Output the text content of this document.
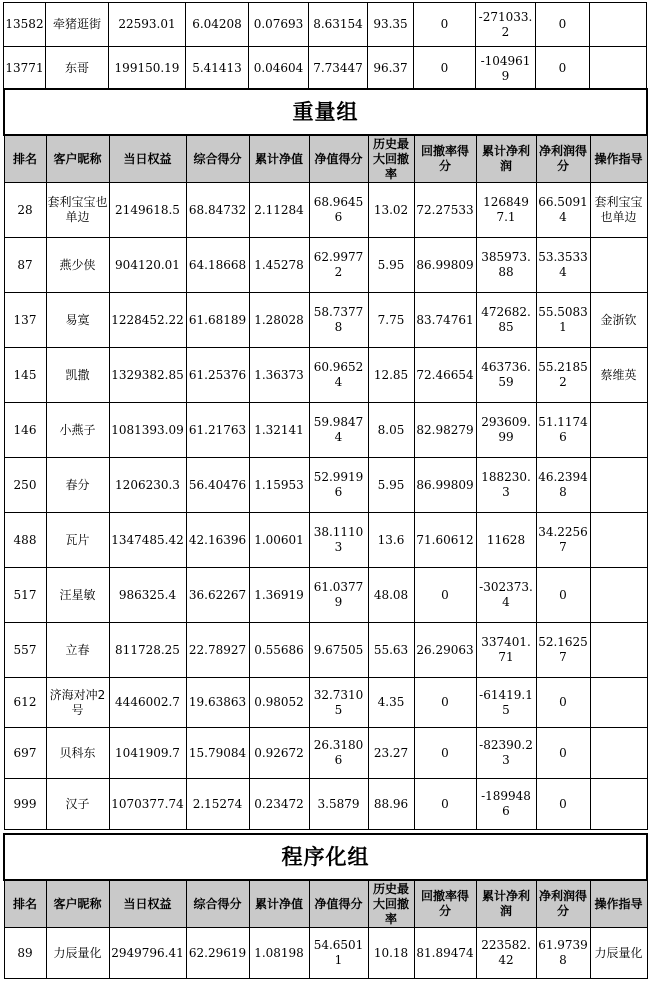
13582	牵猪逛街	22593.01	6.04208	0.07693	8.63154	93.35	0	-271033.2	0	
13771	东哥	199150.19	5.41413	0.04604	7.73447	96.37	0	-1049619	0	
重量组										
排名	客户昵称	当日权益	综合得分	累计净值	净值得分	历史最大回撤率	回撤率得分	累计净利润	净利润得分	操作指导
28	套利宝宝也单边	2149618.5	68.84732	2.11284	68.96456	13.02	72.27533	1268497.1	66.50914	套利宝宝也单边
87	燕少侠	904120.01	64.18668	1.45278	62.99772	5.95	86.99809	385973.88	53.35334	
137	易寞	1228452.22	61.68189	1.28028	58.73778	7.75	83.74761	472682.85	55.50831	金浙钦
145	凯撒	1329382.85	61.25376	1.36373	60.96524	12.85	72.46654	463736.59	55.21852	蔡维英
146	小燕子	1081393.09	61.21763	1.32141	59.98474	8.05	82.98279	293609.99	51.11746	
250	春分	1206230.3	56.40476	1.15953	52.99196	5.95	86.99809	188230.3	46.23948	
488	瓦片	1347485.42	42.16396	1.00601	38.11103	13.6	71.60612	11628	34.22567	
517	汪星敏	986325.4	36.62267	1.36919	61.03779	48.08	0	-302373.4	0	
557	立春	811728.25	22.78927	0.55686	9.67505	55.63	26.29063	337401.71	52.16257	
612	济海对冲2号	4446002.7	19.63863	0.98052	32.73105	4.35	0	-61419.15	0	
697	贝科东	1041909.7	15.79084	0.92672	26.31806	23.27	0	-82390.23	0	
999	汉子	1070377.74	2.15274	0.23472	3.5879	88.96	0	-1899486	0	
程序化组										
排名	客户昵称	当日权益	综合得分	累计净值	净值得分	历史最大回撤率	回撤率得分	累计净利润	净利润得分	操作指导
89	力辰量化	2949796.41	62.29619	1.08198	54.65011	10.18	81.89474	223582.42	61.97398	力辰量化
